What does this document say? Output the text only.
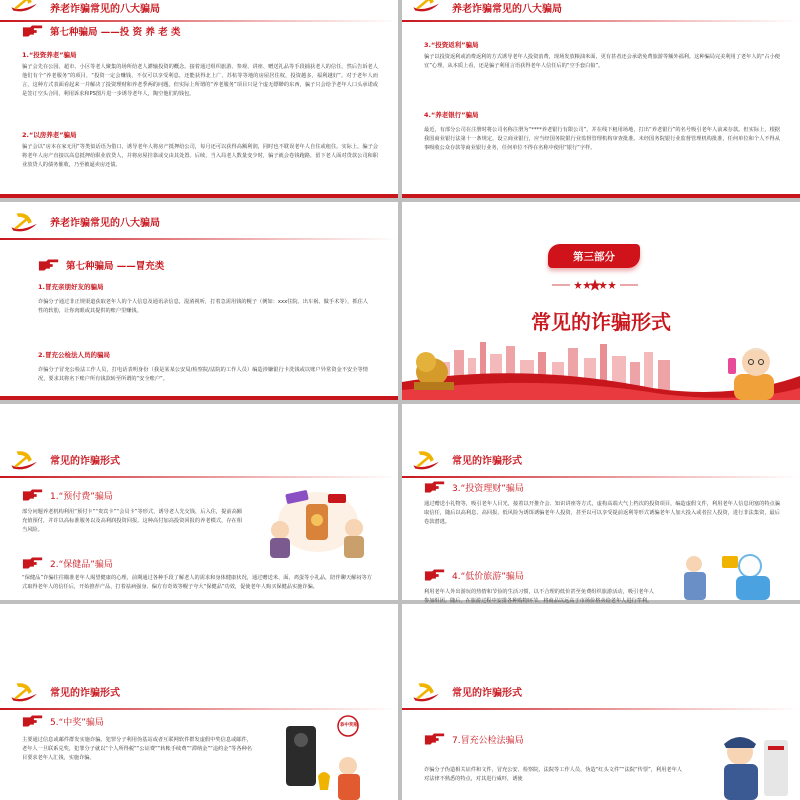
养老诈骗常见的八大骗局
第七种骗局 ——投 资 养 老 类
1.“投资养老”骗局
骗子会先在公园、超市、小区等老人聚集的场所给老人灌输投资的概念。接着通过组织旅游、参观、讲座、赠送礼品等手段捕获老人的信任。然后告诉老人他们有个“养老服务”的项目，“投资一定会赚钱，不仅可以享受利息，还能获得北上广、苏杭等等地的房屋居住权，投资越多，福利越好”。对于老年人而言，这种方式表面看起来一并解决了投资理财和养老季两的问题。但实际上所谓的“养老服务”项目只是个虚无缥缈的东西，骗子只会给予老年人口头承诺或是签订空头合同，利用诉求和PS图片进一步诱导老年人，陶空他们的钱包。
2.“以房养老”骗局
骗子会以“房本在家无用”等类似话语为借口，诱导老年人将房产抵押给公司，每月还可以获得高额利润，同时也不耽误老年人自住或租住。实际上，骗子会将老年人房产直接以高息抵押给职业放贷人，并将房屋挂靠或交由其处置。后续，当入局老人数量变少时，骗子就会卷钱跑路，留下老人面对贷款公司和职业放贷人的债务催收，乃至被逼卖房还债。
养老诈骗常见的八大骗局
3.“投资返利”骗局
骗子以投资返利或消费返利的方式诱导老年人投资消费，现场发放粮油米面，更有甚者还会承诺免费旅游等额外福利。这种骗局完美利用了老年人的“占小便宜”心理，从本质上看，还是骗子利用言语获得老年人信任后的“空手套白狼”。
4.“养老银行”骗局
最近，有部分公司在注册时将公司名称注册为“****养老银行有限公司”，并在线下租用场地，打出“养老银行”的名号吸引老年人前来存款。但实际上，根据我国商业银行法第十一条规定，设立商业银行，应当经国务院银行业监督管理机构审查批准。未经国务院银行业监督管理机构批准，任何单位和个人不得从事吸收公众存款等商业银行业务，任何单位不得在名称中使用“银行”字样。
养老诈骗常见的八大骗局
第七种骗局 ——冒充类
1.冒充亲朋好友的骗局
诈骗分子通过非正规渠道获取老年人的个人信息及通讯录信息，混淆视听，打着急需用钱的幌子（例如：xxx住院、出车祸、做手术等），抓住人性的软肋，让你肉眼或其提供的账户里赚钱。
2.冒充公检法人员的骗局
诈骗分子冒充公检法工作人员，打电话表明身份（我是某某公安局/检察院/法院的工作人员）编造涉嫌银行卡洗钱或以账户异常资金不安全等情况，要求其将名下账户所有钱款转至所谓的“安全账户”。
第三部分
常见的诈骗形式
常见的诈骗形式
1.“预付费”骗局
部分问题养老机构利用“预付卡”“贵宾卡”“会员卡”等形式，诱导老人先交钱，后入住，提前高额充值预付，并许以高标准服务以及高利润投资回报。这种高付加高投资回报的养老模式，存在相当风险。
2.“保健品”骗局
“保健品”诈骗往往瞄准老年人渴望健康的心理，前期通过各种手段了解老人的需求和身体健康状况，通过赠送米、面、鸡蛋等小礼品，陪伴聊天解闷等方式取得老年人的信任后，开始推荐产品，打着祛病强身、偏方有奇效等幌子夸大“保健品”功效，促使老年人购买保健品实施诈骗。
常见的诈骗形式
3.“投资理财”骗局
通过赠送小礼物等，吸引老年人目光，接着以开推介会、知识讲座等方式，虚构高端大气上档次的投资项目，编造虚假文件，利用老年人信息闭塞的特点骗取信任，随后以高利息、高回报、低风险为诱饵诱骗老年人投资，甚至以可以享受提前返利等形式诱骗老年人加大投入或者拉人投资，进行非法集资，最后卷款潜逃。
4.“低价旅游”骗局
利用老年人外出游玩的热情和节俭的生活习惯，以不合理的低价甚至免费组织旅游活动，吸引老年人参加组团。随后，在旅游过程中安排各种购物环节，将商品以远高于市场价格卖给老年人进行牟利。
常见的诈骗形式
5.“中奖”骗局
主要通过信息或邮件群发实施诈骗。犯罪分子利用伪基站或者互联网软件群发虚假中奖信息或邮件，老年人一旦联系兑奖，犯罪分子就以“个人所得税”“公证费”“转帐手续费”“滞纳金”“违约金”等各种名目要求老年人汇钱，实施诈骗。
恭中奖啦
常见的诈骗形式
7.冒充公检法骗局
诈骗分子伪造相关证件和文件，冒充公安、检察院、法院等工作人员，伪造“红头文件”“法院“传票”，利用老年人对法律不熟悉的特点，对其进行威吓，诱使
